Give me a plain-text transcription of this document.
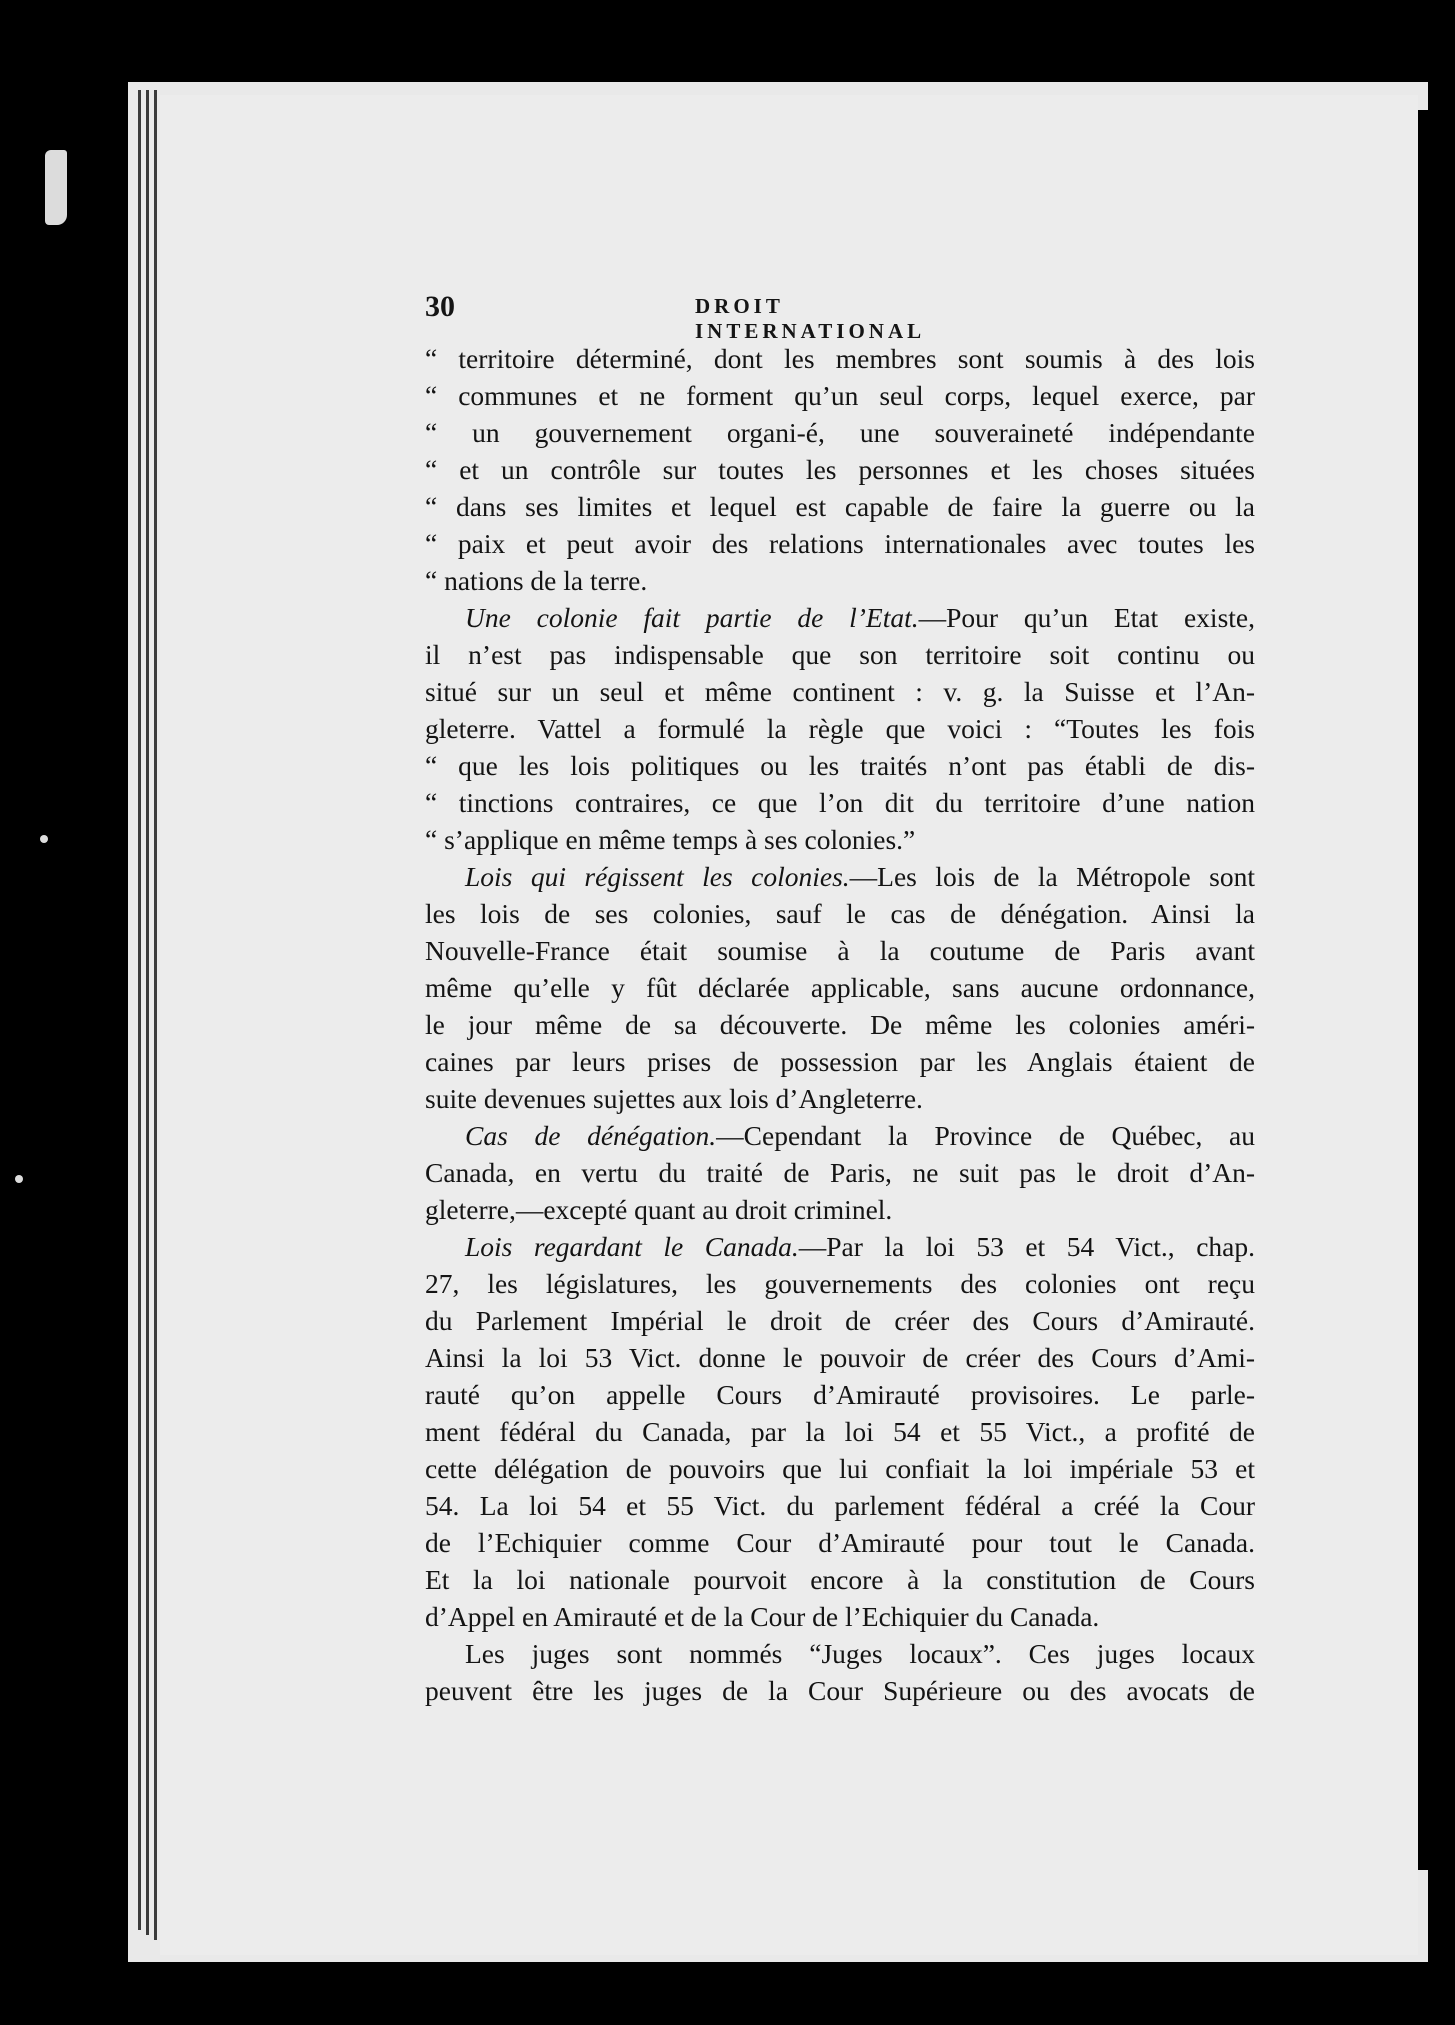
30	DROIT INTERNATIONAL
“ territoire déterminé, dont les membres sont soumis à des lois
“ communes et ne forment qu’un seul corps, lequel exerce, par
“ un gouvernement organi-é, une souveraineté indépendante
“ et un contrôle sur toutes les personnes et les choses situées
“ dans ses limites et lequel est capable de faire la guerre ou la
“ paix et peut avoir des relations internationales avec toutes les
“ nations de la terre.
Une colonie fait partie de l’Etat.—Pour qu’un Etat existe,
il n’est pas indispensable que son territoire soit continu ou
situé sur un seul et même continent : v. g. la Suisse et l’An-
gleterre. Vattel a formulé la règle que voici : “Toutes les fois
“ que les lois politiques ou les traités n’ont pas établi de dis-
“ tinctions contraires, ce que l’on dit du territoire d’une nation
“ s’applique en même temps à ses colonies.”
Lois qui régissent les colonies.—Les lois de la Métropole sont
les lois de ses colonies, sauf le cas de dénégation. Ainsi la
Nouvelle-France était soumise à la coutume de Paris avant
même qu’elle y fût déclarée applicable, sans aucune ordonnance,
le jour même de sa découverte. De même les colonies améri-
caines par leurs prises de possession par les Anglais étaient de
suite devenues sujettes aux lois d’Angleterre.
Cas de dénégation.—Cependant la Province de Québec, au
Canada, en vertu du traité de Paris, ne suit pas le droit d’An-
gleterre,—excepté quant au droit criminel.
Lois regardant le Canada.—Par la loi 53 et 54 Vict., chap.
27, les législatures, les gouvernements des colonies ont reçu
du Parlement Impérial le droit de créer des Cours d’Amirauté.
Ainsi la loi 53 Vict. donne le pouvoir de créer des Cours d’Ami-
rauté qu’on appelle Cours d’Amirauté provisoires. Le parle-
ment fédéral du Canada, par la loi 54 et 55 Vict., a profité de
cette délégation de pouvoirs que lui confiait la loi impériale 53 et
54. La loi 54 et 55 Vict. du parlement fédéral a créé la Cour
de l’Echiquier comme Cour d’Amirauté pour tout le Canada.
Et la loi nationale pourvoit encore à la constitution de Cours
d’Appel en Amirauté et de la Cour de l’Echiquier du Canada.
Les juges sont nommés “Juges locaux”. Ces juges locaux
peuvent être les juges de la Cour Supérieure ou des avocats de
